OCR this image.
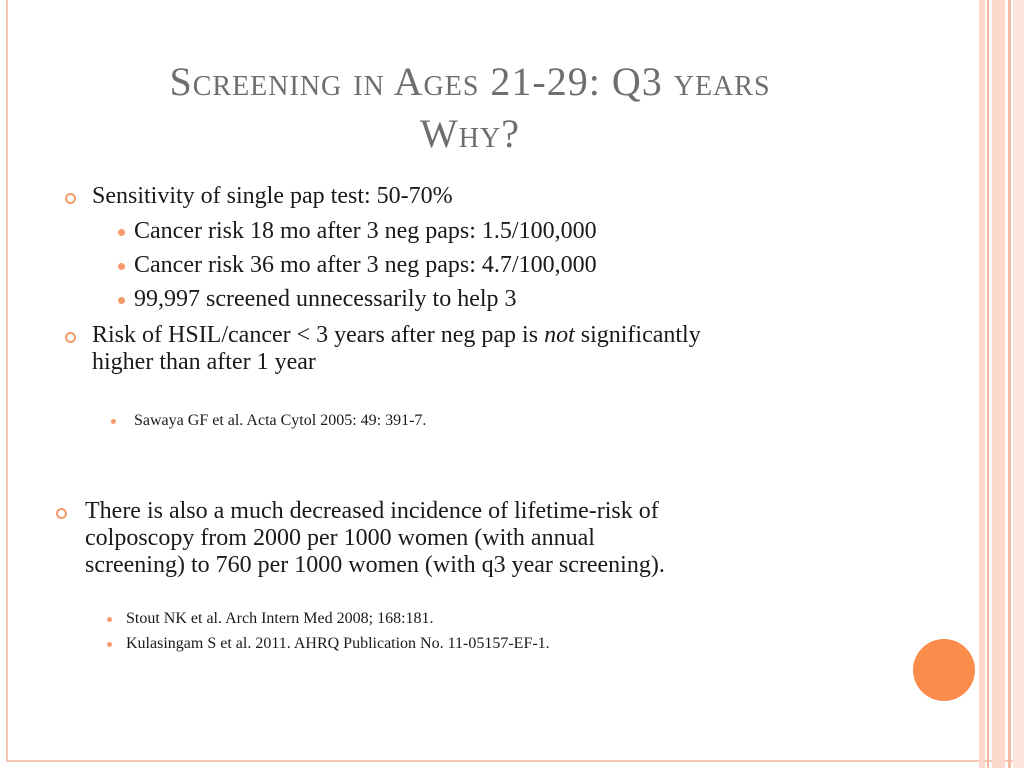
Screening in Ages 21-29: Q3 years
Why?
Sensitivity of single pap test: 50-70%
Cancer risk 18 mo after 3 neg paps: 1.5/100,000
Cancer risk 36 mo after 3 neg paps: 4.7/100,000
99,997 screened unnecessarily to help 3
Risk of HSIL/cancer < 3 years after neg pap is not significantly
higher than after 1 year
Sawaya GF et al. Acta Cytol 2005: 49: 391-7.
There is also a much decreased incidence of lifetime-risk of
colposcopy from 2000 per 1000 women (with annual
screening) to 760 per 1000 women (with q3 year screening).
Stout NK et al. Arch Intern Med 2008; 168:181.
Kulasingam S et al. 2011. AHRQ Publication No. 11-05157-EF-1.
